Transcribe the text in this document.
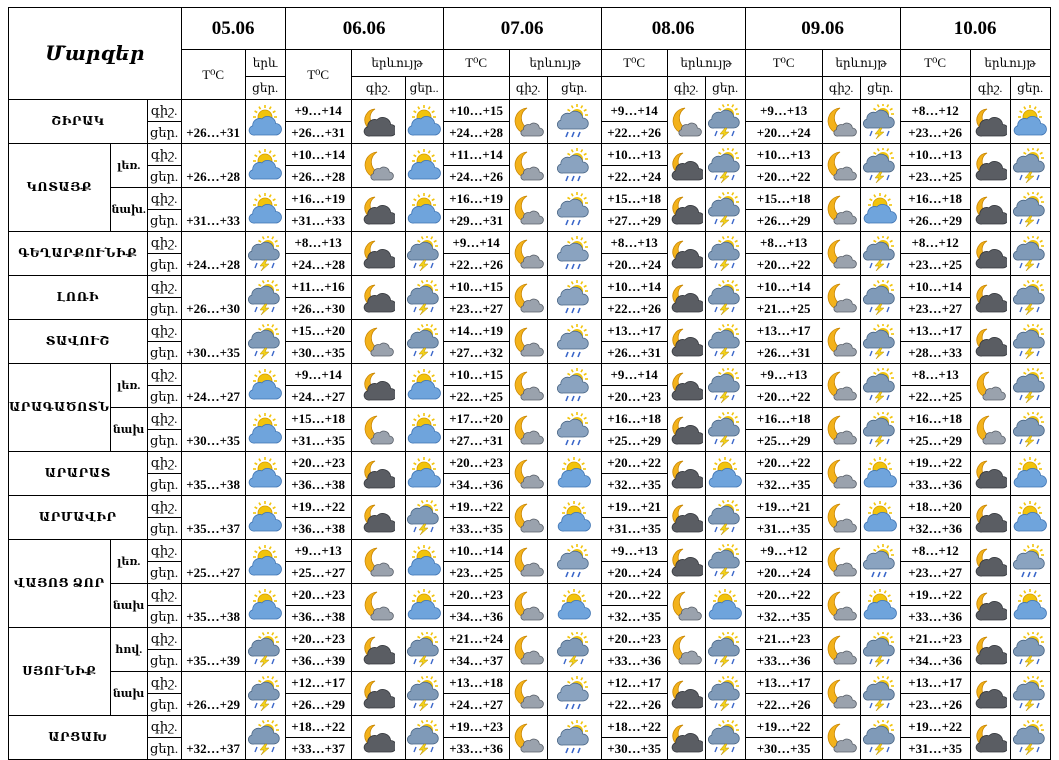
Մարզեր			05.06		06.06			07.06			08.06			09.06			10.06		
			T⁰C	երև	T⁰C	երևույթ		T⁰C	երևույթ		T⁰C	երևույթ		T⁰C	երևույթ		T⁰C	երևույթ	
				ցեր.		գիշ.	ցեր..		գիշ.	ցեր.		գիշ.	ցեր.		գիշ.	ցեր.		գիշ.	ցեր.
ՇԻՐԱԿ		գիշ.	+26…+31		+9…+14			+10…+15			+9…+14			+9…+13			+8…+12	

		ցեր.			+26…+31			+24…+28			+22…+26			+20…+24			+23…+26		
ԿՈՏԱՅՔ	լեռ.	գիշ.	+26…+28		+10…+14			+11…+14			+10…+13			+10…+13			+10…+13	

		ցեր.			+26…+28			+24…+26			+22…+24			+20…+22			+23…+25		
	նախ.	գիշ.	+31…+33		+16…+19			+16…+19			+15…+18			+15…+18			+16…+18	

		ցեր.			+31…+33			+29…+31			+27…+29			+26…+29			+26…+29		
ԳԵՂԱՐՔՈՒՆԻՔ		գիշ.	+24…+28		+8…+13			+9…+14			+8…+13			+8…+13			+8…+12	

		ցեր.			+24…+28			+22…+26			+20…+24			+20…+22			+23…+25		
ԼՈՌԻ		գիշ.	+26…+30		+11…+16			+10…+15			+10…+14			+10…+14			+10…+14	

		ցեր.			+26…+30			+23…+27			+22…+26			+21…+25			+23…+27		
ՏԱՎՈՒՇ		գիշ.	+30…+35		+15…+20			+14…+19			+13…+17			+13…+17			+13…+17	

		ցեր.			+30…+35			+27…+32			+26…+31			+26…+31			+28…+33		
ԱՐԱԳԱԾՈՏՆ	լեռ.	գիշ.	+24…+27		+9…+14			+10…+15			+9…+14			+9…+13			+8…+13	

		ցեր.			+24…+27			+22…+25			+20…+23			+20…+22			+22…+25		
	նախ	գիշ.	+30…+35		+15…+18			+17…+20			+16…+18			+16…+18			+16…+18	

		ցեր.			+31…+35			+27…+31			+25…+29			+25…+29			+25…+29		
ԱՐԱՐԱՏ		գիշ.	+35…+38		+20…+23			+20…+23			+20…+22			+20…+22			+19…+22	

		ցեր.			+36…+38			+34…+36			+32…+35			+32…+35			+33…+36		
ԱՐՄԱՎԻՐ		գիշ.	+35…+37		+19…+22			+19…+22			+19…+21			+19…+21			+18…+20	

		ցեր.			+36…+38			+33…+35			+31…+35			+31…+35			+32…+36		
ՎԱՅՈՑ ՁՈՐ	լեռ.	գիշ.	+25…+27		+9…+13			+10…+14			+9…+13			+9…+12			+8…+12	

		ցեր.			+25…+27			+23…+25			+20…+24			+20…+24			+23…+27		
	նախ	գիշ.	+35…+38		+20…+23			+20…+23			+20…+22			+20…+22			+19…+22	

		ցեր.			+36…+38			+34…+36			+32…+35			+32…+35			+33…+36		
ՍՅՈՒՆԻՔ	հով.	գիշ.	+35…+39		+20…+23			+21…+24			+20…+23			+21…+23			+21…+23	

		ցեր.			+36…+39			+34…+37			+33…+36			+33…+36			+34…+36		
	նախ	գիշ.	+26…+29		+12…+17			+13…+18			+12…+17			+13…+17			+13…+17	

		ցեր.			+26…+29			+24…+27			+22…+26			+22…+26			+23…+26		
ԱՐՑԱԽ		գիշ.	+32…+37		+18…+22			+19…+23			+18…+22			+19…+22			+19…+22	

		ցեր.			+33…+37			+33…+36			+30…+35			+30…+35			+31…+35		
